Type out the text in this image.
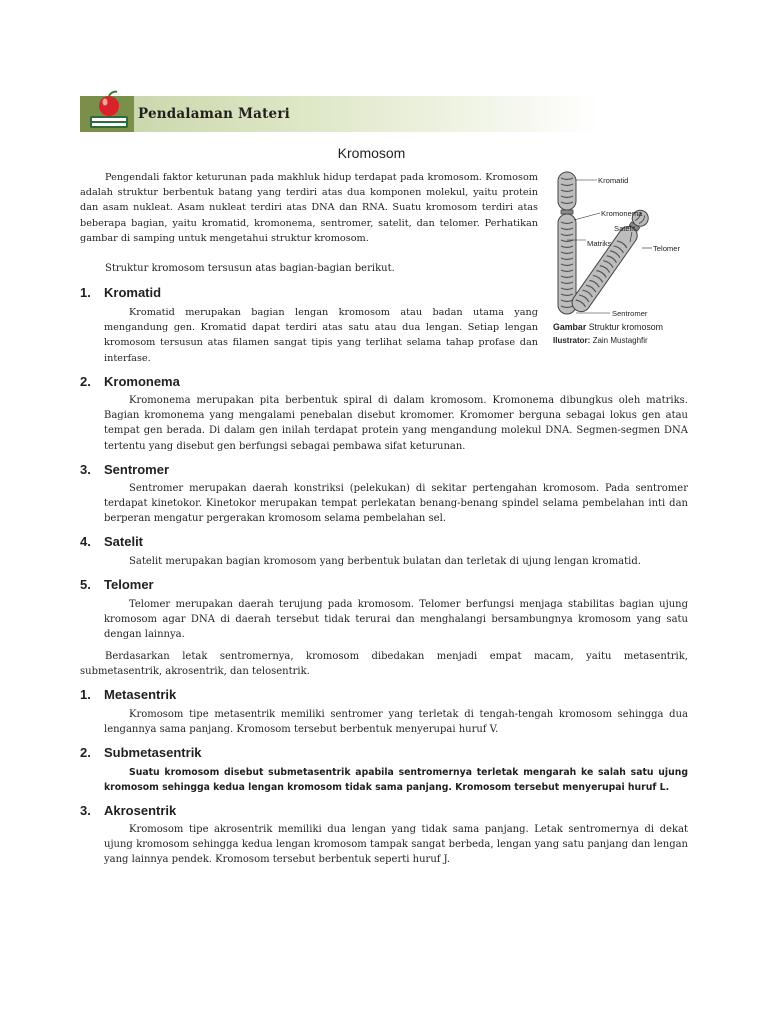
Pendalaman Materi
Kromosom

Pengendali faktor keturunan pada makhluk hidup terdapat pada kromosom. Kromosom adalah struktur berbentuk batang yang terdiri atas dua komponen molekul, yaitu protein dan asam nukleat. Asam nukleat terdiri atas DNA dan RNA. Suatu kromosom terdiri atas beberapa bagian, yaitu kromatid, kromonema, sentromer, satelit, dan telomer. Perhatikan gambar di samping untuk mengetahui struktur kromosom.

Struktur kromosom tersusun atas bagian-bagian berikut.

Kromatid
Kromonema
Satelit
Matriks
Telomer
Sentromer
Gambar Struktur kromosom
Ilustrator: Zain Mustaghfir
1. Kromatid

Kromatid merupakan bagian lengan kromosom atau badan utama yang mengandung gen. Kromatid dapat terdiri atas satu atau dua lengan. Setiap lengan kromosom tersusun atas filamen sangat tipis yang terlihat selama tahap profase dan interfase.

2. Kromonema

Kromonema merupakan pita berbentuk spiral di dalam kromosom. Kromonema dibungkus oleh matriks. Bagian kromonema yang mengalami penebalan disebut kromomer. Kromomer berguna sebagai lokus gen atau tempat gen berada. Di dalam gen inilah terdapat protein yang mengandung molekul DNA. Segmen-segmen DNA tertentu yang disebut gen berfungsi sebagai pembawa sifat keturunan.

3. Sentromer

Sentromer merupakan daerah konstriksi (pelekukan) di sekitar pertengahan kromosom. Pada sentromer terdapat kinetokor. Kinetokor merupakan tempat perlekatan benang-benang spindel selama pembelahan inti dan berperan mengatur pergerakan kromosom selama pembelahan sel.

4. Satelit

Satelit merupakan bagian kromosom yang berbentuk bulatan dan terletak di ujung lengan kromatid.

5. Telomer

Telomer merupakan daerah terujung pada kromosom. Telomer berfungsi menjaga stabilitas bagian ujung kromosom agar DNA di daerah tersebut tidak terurai dan menghalangi bersambungnya kromosom yang satu dengan lainnya.

Berdasarkan letak sentromernya, kromosom dibedakan menjadi empat macam, yaitu metasentrik, submetasentrik, akrosentrik, dan telosentrik.

1. Metasentrik

Kromosom tipe metasentrik memiliki sentromer yang terletak di tengah-tengah kromosom sehingga dua lengannya sama panjang. Kromosom tersebut berbentuk menyerupai huruf V.

2. Submetasentrik

Suatu kromosom disebut submetasentrik apabila sentromernya terletak mengarah ke salah satu ujung kromosom sehingga kedua lengan kromosom tidak sama panjang. Kromosom tersebut menyerupai huruf L.

3. Akrosentrik

Kromosom tipe akrosentrik memiliki dua lengan yang tidak sama panjang. Letak sentromernya di dekat ujung kromosom sehingga kedua lengan kromosom tampak sangat berbeda, lengan yang satu panjang dan lengan yang lainnya pendek. Kromosom tersebut berbentuk seperti huruf J.
